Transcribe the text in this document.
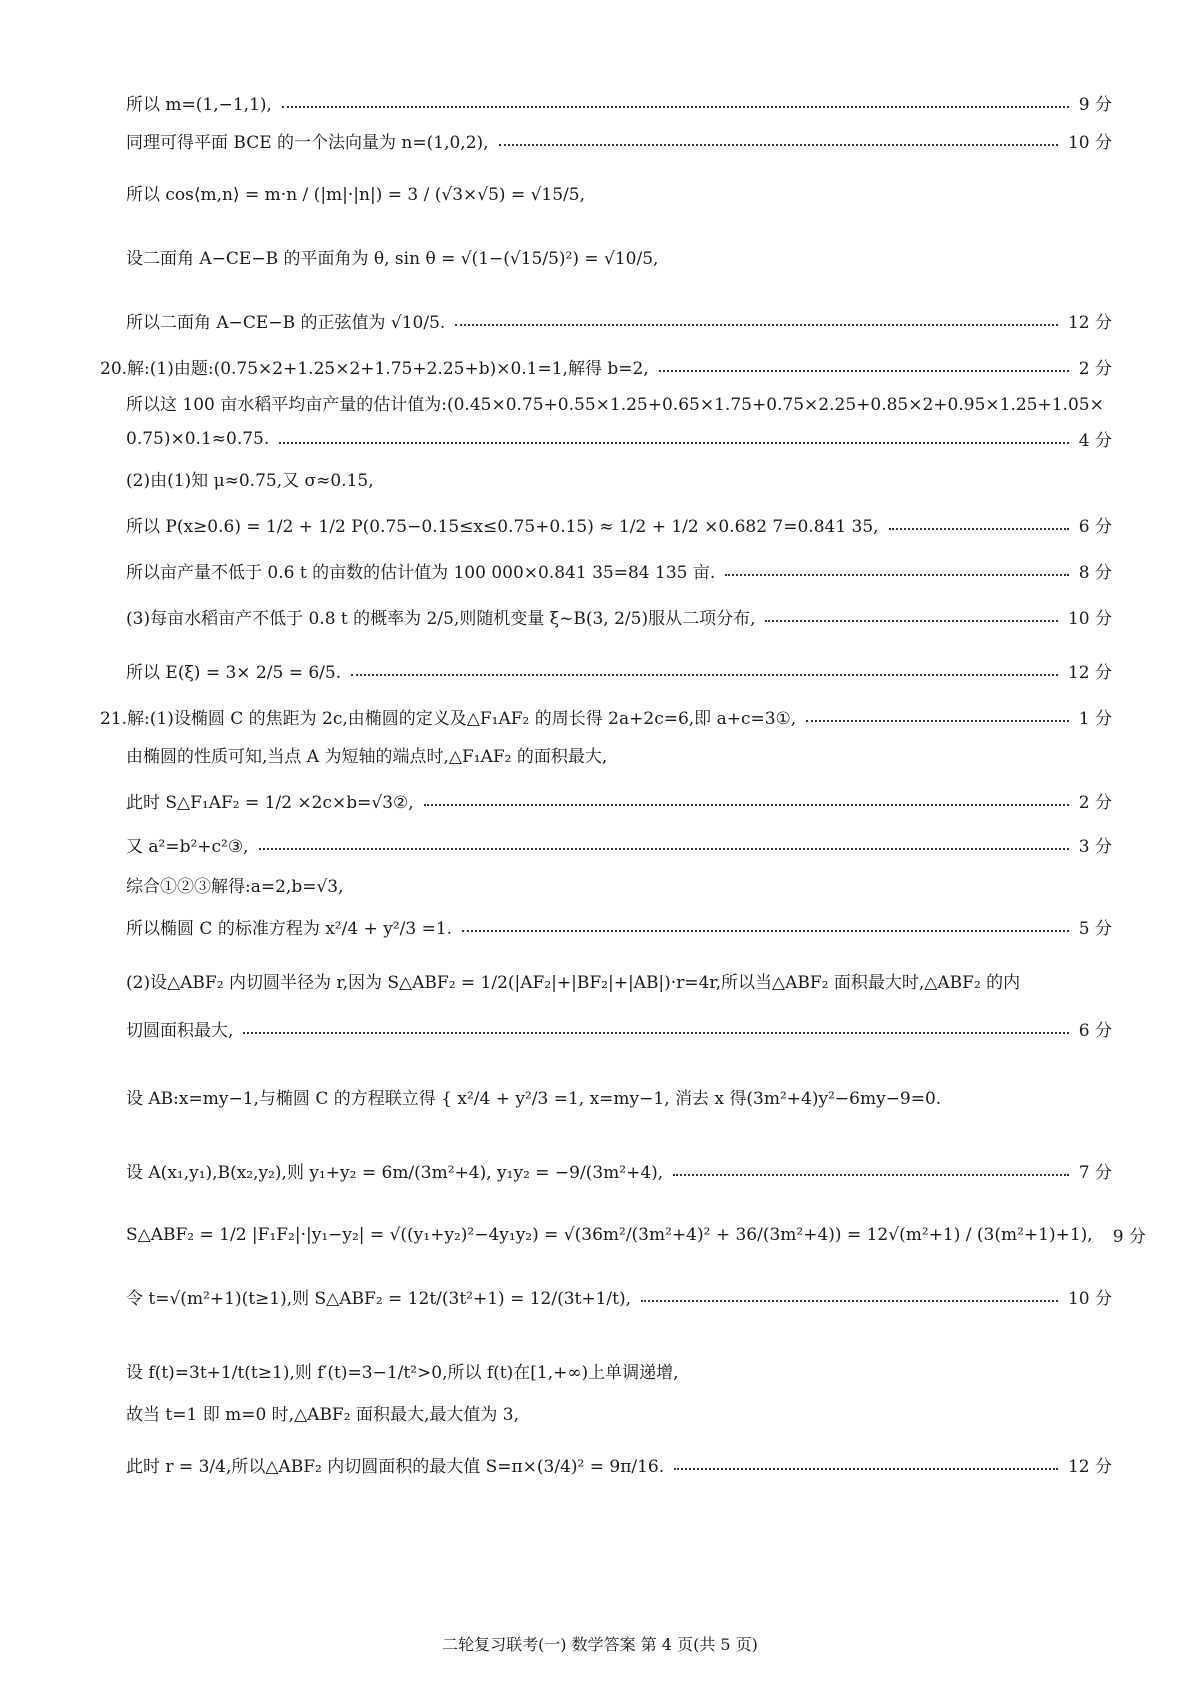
所以 m=(1,−1,1),	9 分
同理可得平面 BCE 的一个法向量为 n=(1,0,2),	10 分
所以 cos⟨m,n⟩ = m·n / (|m|·|n|) = 3 / (√3×√5) = √15/5,
设二面角 A−CE−B 的平面角为 θ, sin θ = √(1−(√15/5)²) = √10/5,
所以二面角 A−CE−B 的正弦值为 √10/5.	12 分
20.解:(1)由题:(0.75×2+1.25×2+1.75+2.25+b)×0.1=1,解得 b=2,	2 分
所以这 100 亩水稻平均亩产量的估计值为:(0.45×0.75+0.55×1.25+0.65×1.75+0.75×2.25+0.85×2+0.95×1.25+1.05×
0.75)×0.1≈0.75.	4 分
(2)由(1)知 μ≈0.75,又 σ≈0.15,
所以 P(x≥0.6) = 1/2 + 1/2 P(0.75−0.15≤x≤0.75+0.15) ≈ 1/2 + 1/2 ×0.682 7=0.841 35,	6 分
所以亩产量不低于 0.6 t 的亩数的估计值为 100 000×0.841 35=84 135 亩.	8 分
(3)每亩水稻亩产不低于 0.8 t 的概率为 2/5,则随机变量 ξ~B(3, 2/5)服从二项分布,	10 分
所以 E(ξ) = 3× 2/5 = 6/5.	12 分
21.解:(1)设椭圆 C 的焦距为 2c,由椭圆的定义及△F₁AF₂ 的周长得 2a+2c=6,即 a+c=3①,	1 分
由椭圆的性质可知,当点 A 为短轴的端点时,△F₁AF₂ 的面积最大,
此时 S△F₁AF₂ = 1/2 ×2c×b=√3②,	2 分
又 a²=b²+c²③,	3 分
综合①②③解得:a=2,b=√3,
所以椭圆 C 的标准方程为 x²/4 + y²/3 =1.	5 分
(2)设△ABF₂ 内切圆半径为 r,因为 S△ABF₂ = 1/2(|AF₂|+|BF₂|+|AB|)·r=4r,所以当△ABF₂ 面积最大时,△ABF₂ 的内
切圆面积最大,	6 分
设 AB:x=my−1,与椭圆 C 的方程联立得 { x²/4 + y²/3 =1, x=my−1, 消去 x 得(3m²+4)y²−6my−9=0.
设 A(x₁,y₁),B(x₂,y₂),则 y₁+y₂ = 6m/(3m²+4), y₁y₂ = −9/(3m²+4),	7 分
S△ABF₂ = 1/2 |F₁F₂|·|y₁−y₂| = √((y₁+y₂)²−4y₁y₂) = √(36m²/(3m²+4)² + 36/(3m²+4)) = 12√(m²+1) / (3(m²+1)+1), 9 分
令 t=√(m²+1)(t≥1),则 S△ABF₂ = 12t/(3t²+1) = 12/(3t+1/t),	10 分
设 f(t)=3t+1/t(t≥1),则 f′(t)=3−1/t²>0,所以 f(t)在[1,+∞)上单调递增,
故当 t=1 即 m=0 时,△ABF₂ 面积最大,最大值为 3,
此时 r = 3/4,所以△ABF₂ 内切圆面积的最大值 S=π×(3/4)² = 9π/16.	12 分
二轮复习联考(一) 数学答案 第 4 页(共 5 页)
